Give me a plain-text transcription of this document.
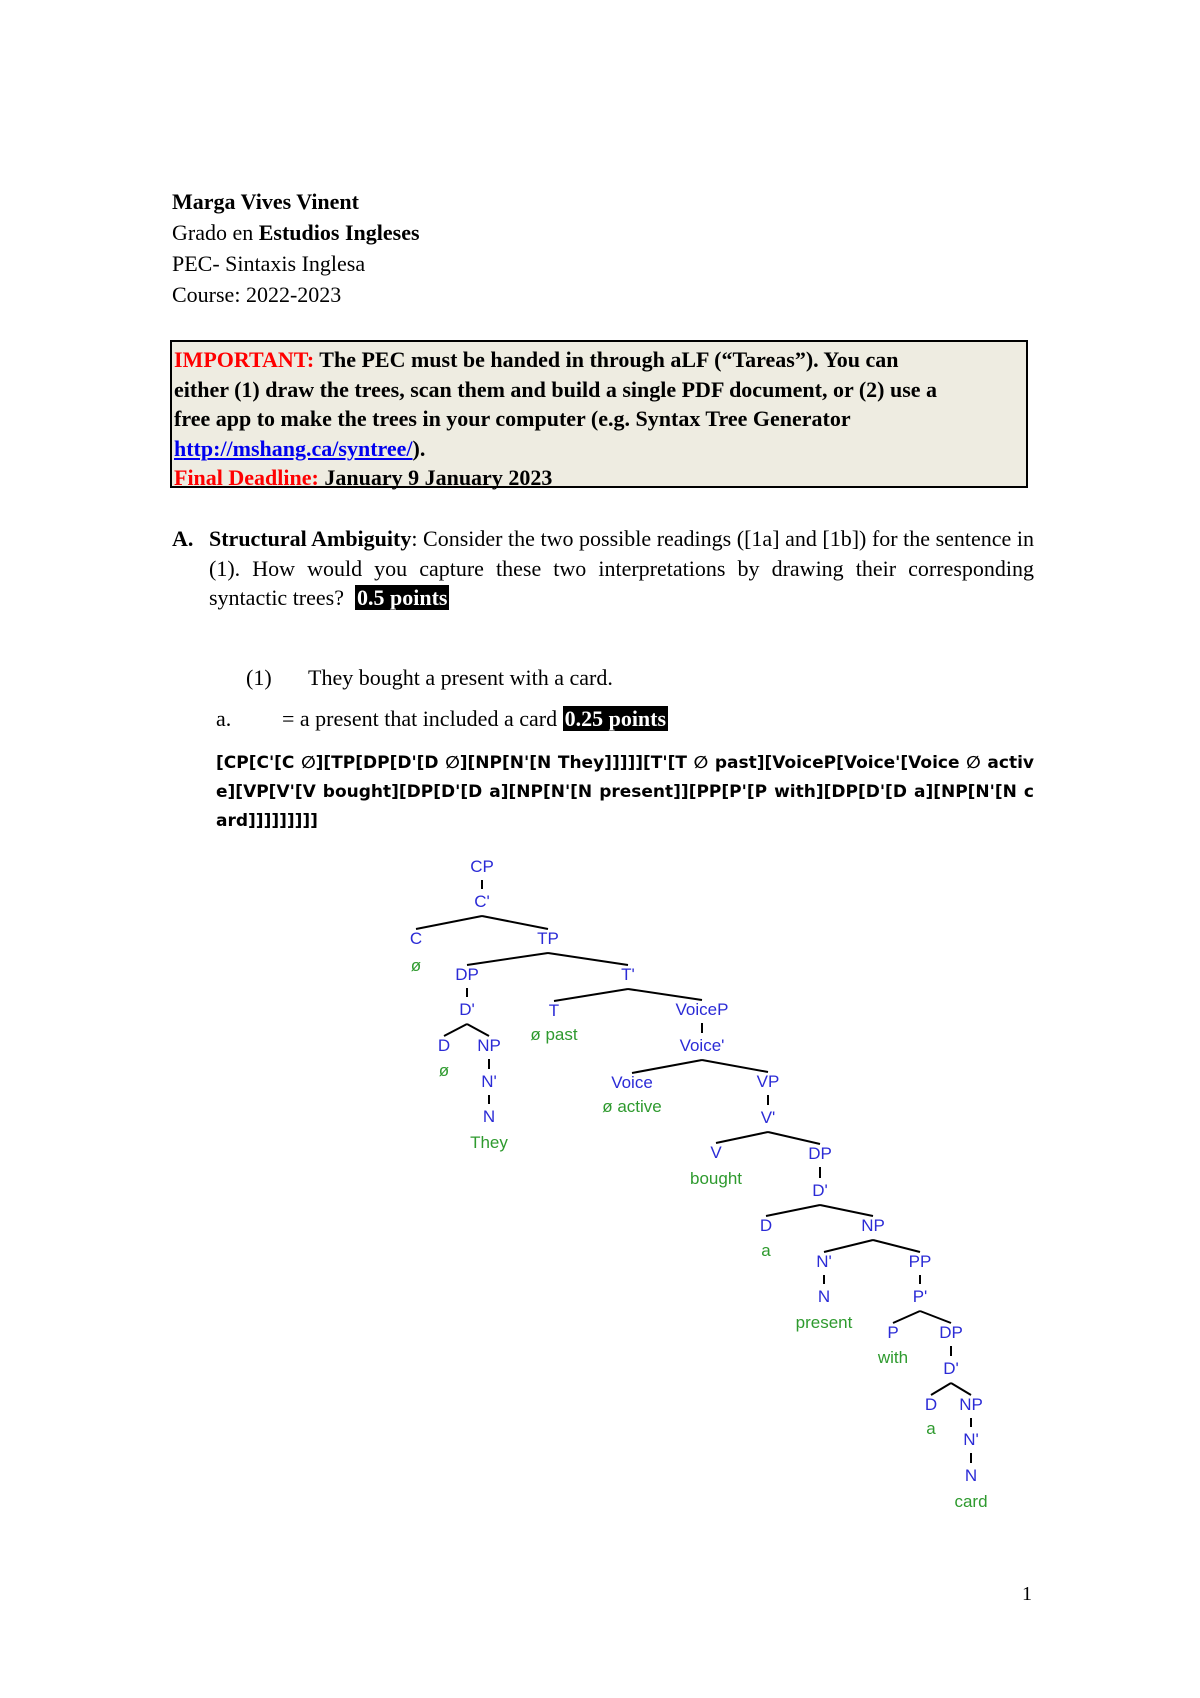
Marga Vives Vinent
Grado en Estudios Ingleses
PEC- Sintaxis Inglesa
Course: 2022-2023
IMPORTANT: The PEC must be handed in through aLF (“Tareas”). You can
either (1) draw the trees, scan them and build a single PDF document, or (2) use a
free app to make the trees in your computer (e.g. Syntax Tree Generator
http://mshang.ca/syntree/).
Final Deadline: January 9 January 2023
A. Structural Ambiguity: Consider the two possible readings ([1a] and [1b]) for the sentence in (1). How would you capture these two interpretations by drawing their corresponding syntactic trees? 0.5 points
(1) They bought a present with a card.
a. = a present that included a card 0.25 points
[CP[C'[C ∅][TP[DP[D'[D ∅][NP[N'[N They]]]]][T'[T ∅ past][VoiceP[Voice'[Voice ∅ active][VP[V'[V bought][DP[D'[D a][NP[N'[N present]][PP[P'[P with][DP[D'[D a][NP[N'[N card]]]]]]]]]
CP
C'
C	TP
ø DP	T'
D'	T	VoiceP
D NP
ø past
Voice'
ø
N'	Voice	VP
N
ø active
V'
They
V	DP
bought
D'
D	NP
a
N'	PP
P'
N
present
P DP
with
D'
D NP
a
N'
N
card
1
